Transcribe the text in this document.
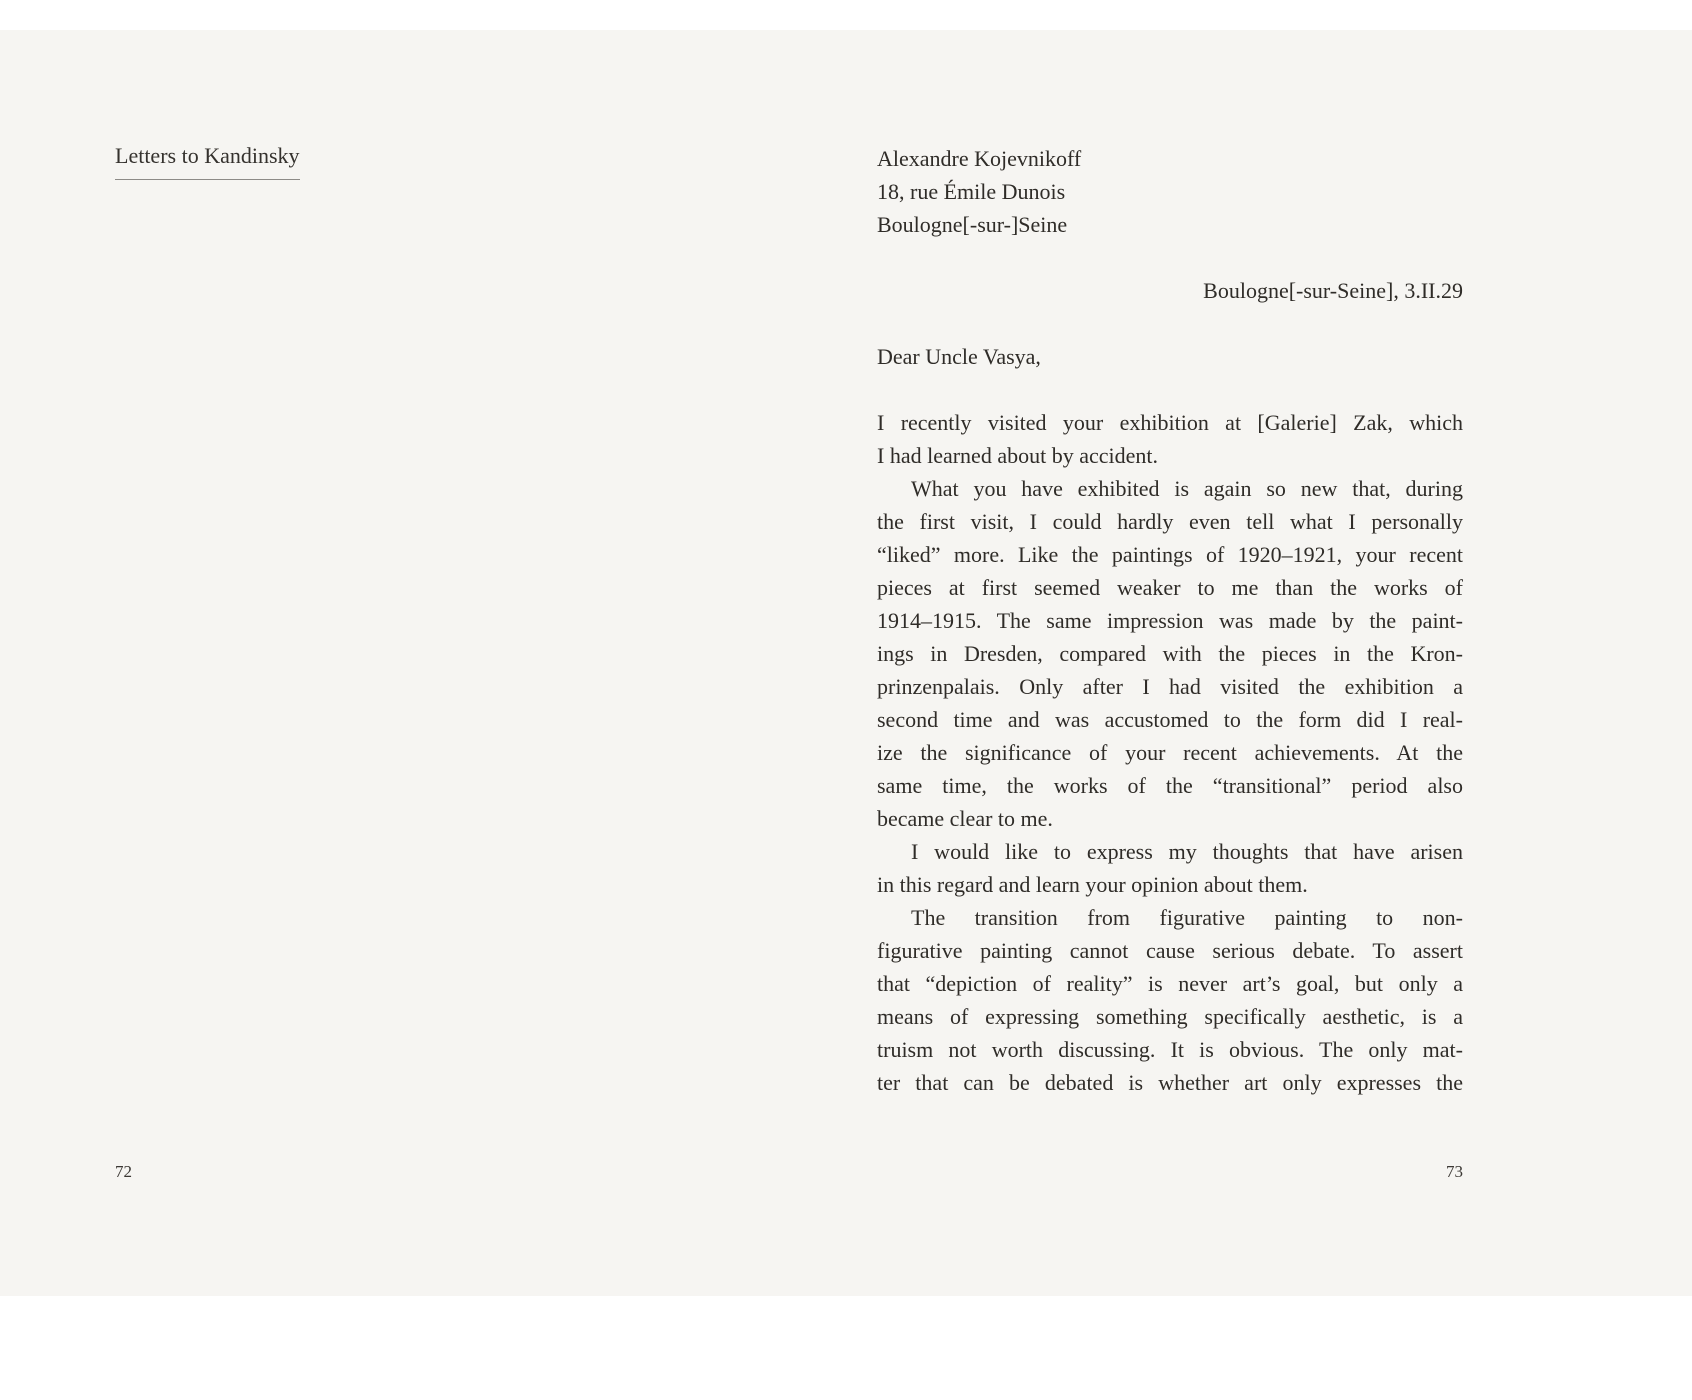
Letters to Kandinsky
72
Alexandre Kojevnikoff
18, rue Émile Dunois
Boulogne[-sur-]Seine
Boulogne[-sur-Seine], 3.II.29
Dear Uncle Vasya,
I recently visited your exhibition at [Galerie] Zak, which
I had learned about by accident.
What you have exhibited is again so new that, during
the first visit, I could hardly even tell what I personally
“liked” more. Like the paintings of 1920–1921, your recent
pieces at first seemed weaker to me than the works of
1914–1915. The same impression was made by the paint-
ings in Dresden, compared with the pieces in the Kron-
prinzenpalais. Only after I had visited the exhibition a
second time and was accustomed to the form did I real-
ize the significance of your recent achievements. At the
same time, the works of the “transitional” period also
became clear to me.
I would like to express my thoughts that have arisen
in this regard and learn your opinion about them.
The transition from figurative painting to non-
figurative painting cannot cause serious debate. To assert
that “depiction of reality” is never art’s goal, but only a
means of expressing something specifically aesthetic, is a
truism not worth discussing. It is obvious. The only mat-
ter that can be debated is whether art only expresses the
73
